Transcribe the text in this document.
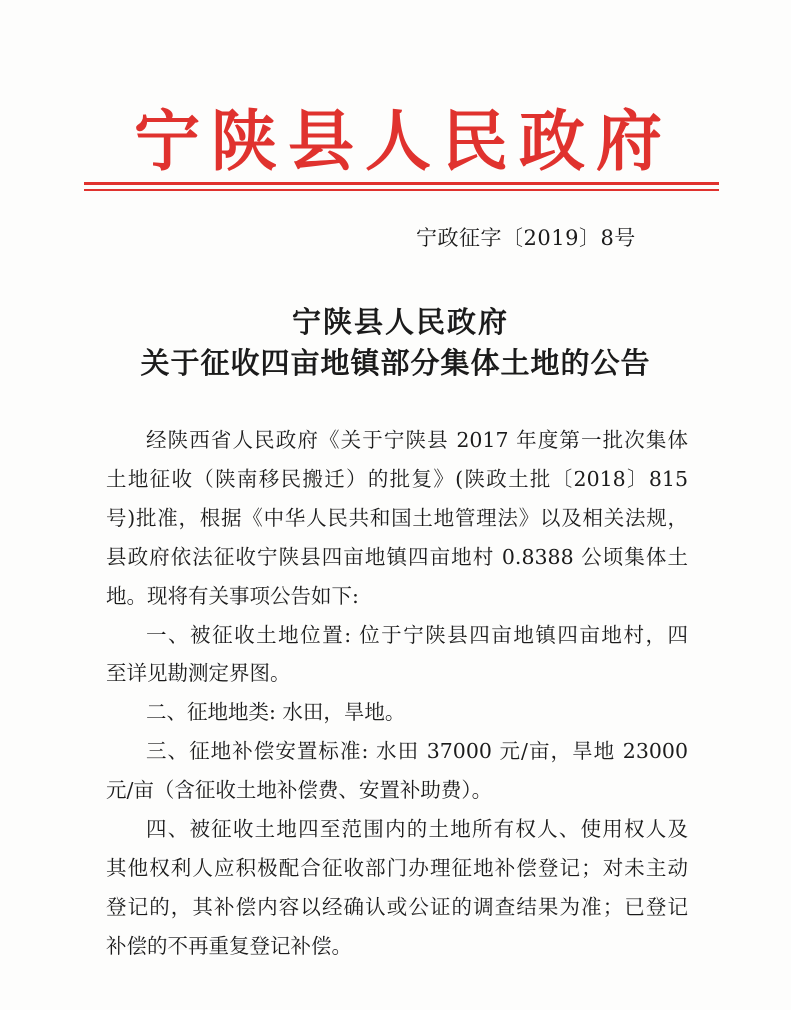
宁陕县人民政府
宁政征字〔2019〕8号
宁陕县人民政府
关于征收四亩地镇部分集体土地的公告
经陕西省人民政府《关于宁陕县 2017 年度第一批次集体
土地征收（陕南移民搬迁）的批复》(陕政土批〔2018〕815
号)批准，根据《中华人民共和国土地管理法》以及相关法规，
县政府依法征收宁陕县四亩地镇四亩地村 0.8388 公顷集体土
地。现将有关事项公告如下:
一、被征收土地位置: 位于宁陕县四亩地镇四亩地村，四
至详见勘测定界图。
二、征地地类: 水田，旱地。
三、征地补偿安置标准: 水田 37000 元/亩，旱地 23000
元/亩（含征收土地补偿费、安置补助费）。
四、被征收土地四至范围内的土地所有权人、使用权人及
其他权利人应积极配合征收部门办理征地补偿登记；对未主动
登记的，其补偿内容以经确认或公证的调查结果为准；已登记
补偿的不再重复登记补偿。
